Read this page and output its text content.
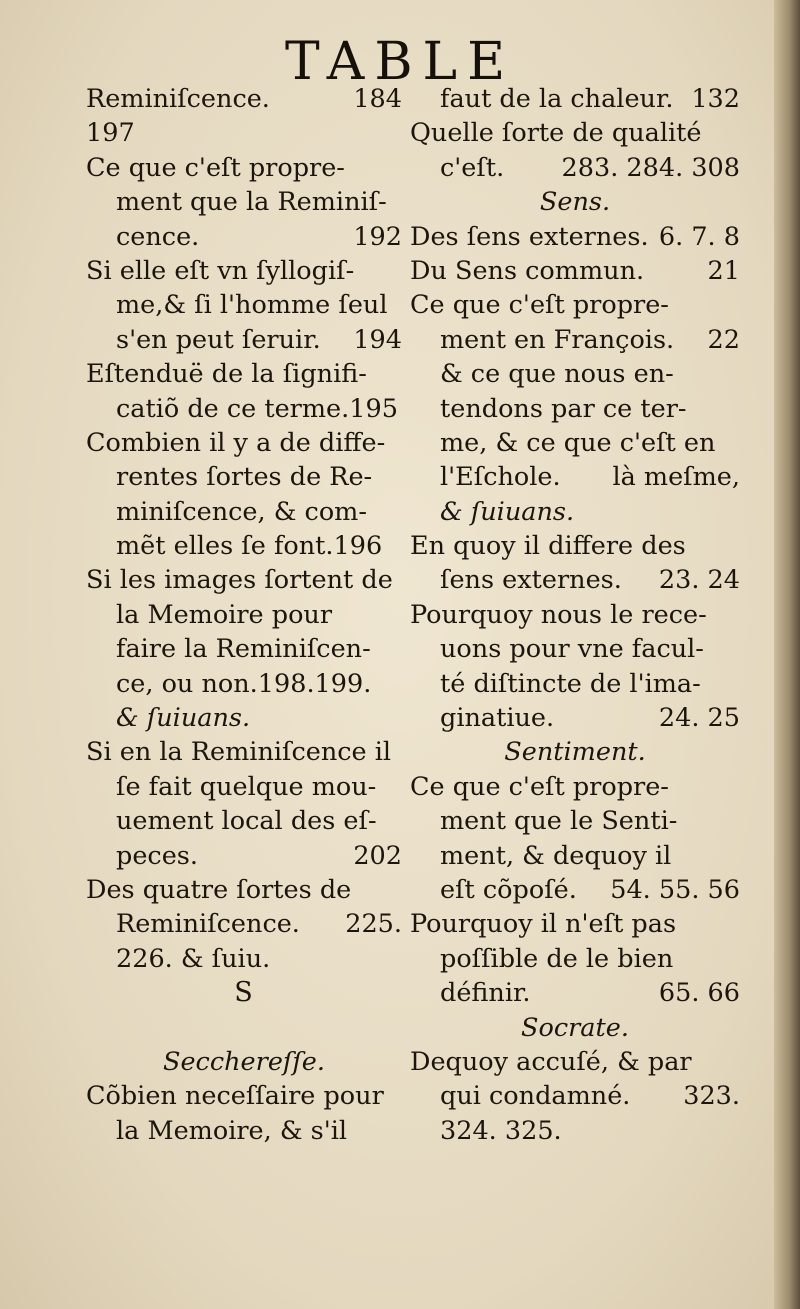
TABLE
Reminiſcence.	184
197
Ce que c'eſt propre-
ment que la Reminiſ-
cence.	192
Si elle eſt vn ſyllogiſ-
me,& ſi l'homme ſeul
s'en peut ſeruir. 194
Eſtenduë de la ſignifi-
catiõ de ce terme.195
Combien il y a de diffe-
rentes ſortes de Re-
miniſcence, & com-
mẽt elles ſe font.196
Si les images ſortent de
la Memoire pour
faire la Reminiſcen-
ce, ou non.198.199.
& ſuiuans.
Si en la Reminiſcence il
ſe fait quelque mou-
uement local des eſ-
peces.	202
Des quatre ſortes de
Reminiſcence. 225.
226. & ſuiu.
S
Secchereſſe.
Cõbien neceſſaire pour
la Memoire, & s'il
faut de la chaleur. 132
Quelle ſorte de qualité
c'eſt. 283. 284. 308
Sens.
Des ſens externes. 6. 7. 8
Du Sens commun. 21
Ce que c'eſt propre-
ment en François. 22
& ce que nous en-
tendons par ce ter-
me, & ce que c'eſt en
l'Eſchole. là meſme,
& ſuiuans.
En quoy il differe des
ſens externes. 23. 24
Pourquoy nous le rece-
uons pour vne facul-
té diſtincte de l'ima-
ginatiue.	24. 25
Sentiment.
Ce que c'eſt propre-
ment que le Senti-
ment, & dequoy il
eſt cõpoſé. 54. 55. 56
Pourquoy il n'eſt pas
poſſible de le bien
définir.	65. 66
Socrate.
Dequoy accuſé, & par
qui condamné. 323.
324. 325.
